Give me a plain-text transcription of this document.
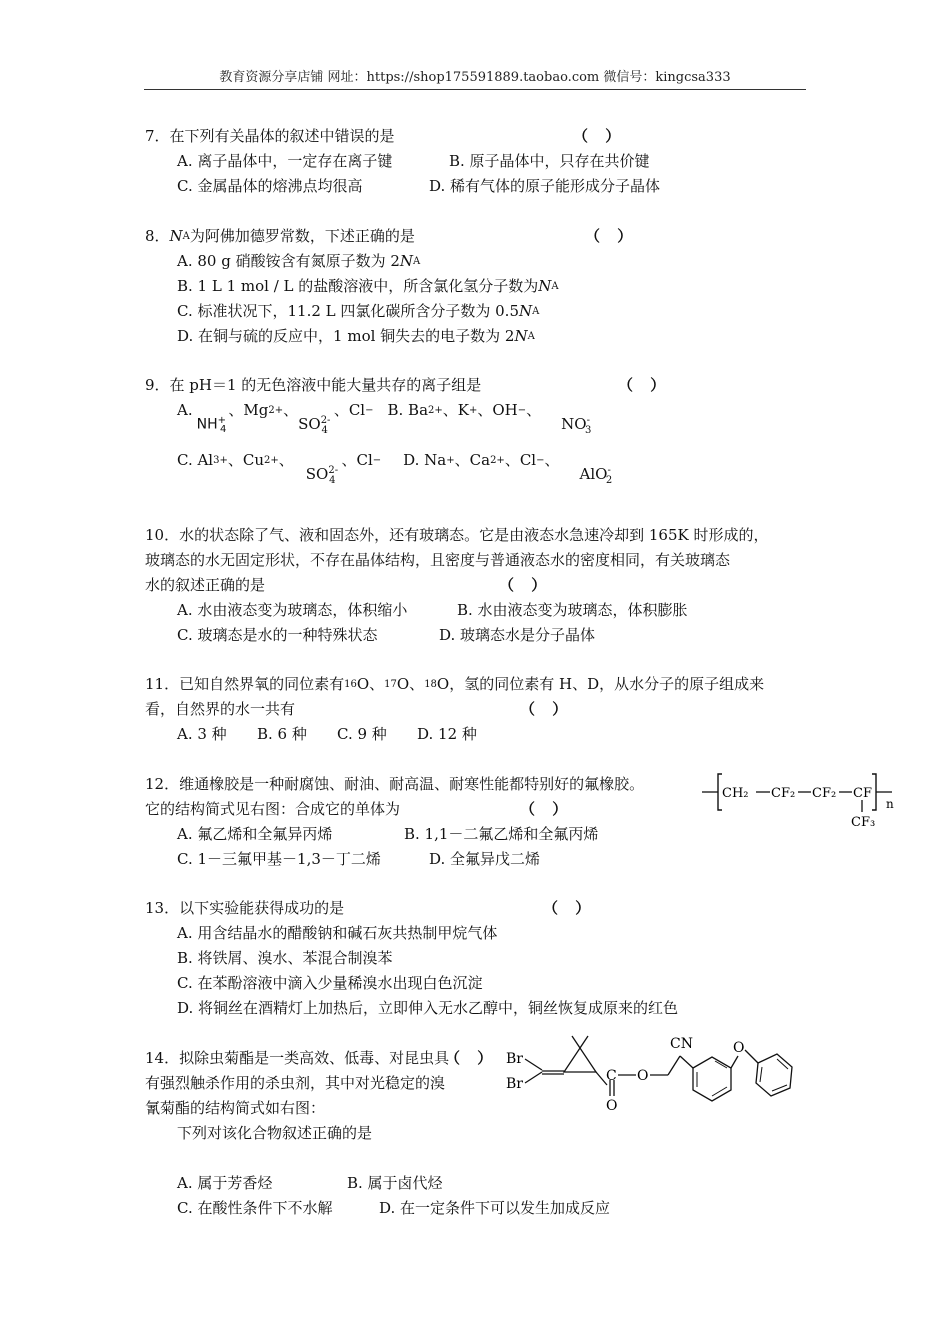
教育资源分享店铺 网址：https://shop175591889.taobao.com 微信号：kingcsa333
7．在下列有关晶体的叙述中错误的是	（ ）
A. 离子晶体中，一定存在离子键	B. 原子晶体中，只存在共价键
C. 金属晶体的熔沸点均很高	D. 稀有气体的原子能形成分子晶体
8． N A 为阿佛加德罗常数，下述正确的是	（ ）
A. 80 g 硝酸铵含有氮原子数为 2 N A
B. 1 L 1 mol / L 的盐酸溶液中，所含氯化氢分子数为 N A
C. 标准状况下，11.2 L 四氯化碳所含分子数为 0.5 N A
D. 在铜与硫的反应中，1 mol 铜失去的电子数为 2 N A
9．在 pH＝1 的无色溶液中能大量共存的离子组是	（ ）
A.
$NH^+_4$
、Mg 2+ 、
$SO^{2-}_4$
、Cl − B. Ba 2+ 、K + 、OH − 、
$NO^-_3$
C. Al 3+ 、Cu 2+ 、
$SO^{2-}_4$
、Cl − D. Na + 、Ca 2+ 、Cl − 、
AlO-$_2$
10．水的状态除了气、液和固态外，还有玻璃态。它是由液态水急速冷却到 165K 时形成的，
玻璃态的水无固定形状，不存在晶体结构，且密度与普通液态水的密度相同，有关玻璃态
水的叙述正确的是	（ ）
A. 水由液态变为玻璃态，体积缩小	B. 水由液态变为玻璃态，体积膨胀
C. 玻璃态是水的一种特殊状态	D. 玻璃态水是分子晶体
11．已知自然界氧的同位素有 16 O、 17 O、 18 O ，氢的同位素有 H、D，从水分子的原子组成来
看，自然界的水一共有	（ ）
A. 3 种	B. 6 种	C. 9 种	D. 12 种
12．维通橡胶是一种耐腐蚀、耐油、耐高温、耐寒性能都特别好的氟橡胶。
它的结构简式见右图：合成它的单体为	（ ）
A. 氟乙烯和全氟异丙烯	B. 1,1－二氟乙烯和全氟丙烯
C. 1－三氟甲基－1,3－丁二烯	D. 全氟异戊二烯
CH₂ CF₂ CF₂ CF
n
CF₃
13．以下实验能获得成功的是	（ ）
A. 用含结晶水的醋酸钠和碱石灰共热制甲烷气体
B. 将铁屑、溴水、苯混合制溴苯
C. 在苯酚溶液中滴入少量稀溴水出现白色沉淀
D. 将铜丝在酒精灯上加热后，立即伸入无水乙醇中，铜丝恢复成原来的红色
14．拟除虫菊酯是一类高效、低毒、对昆虫具
有强烈触杀作用的杀虫剂，其中对光稳定的溴
氰菊酯的结构简式如右图：
下列对该化合物叙述正确的是
（ ）
A. 属于芳香烃	B. 属于卤代烃
C. 在酸性条件下不水解	D. 在一定条件下可以发生加成反应
Br
Br	C
O
O
CN	O
